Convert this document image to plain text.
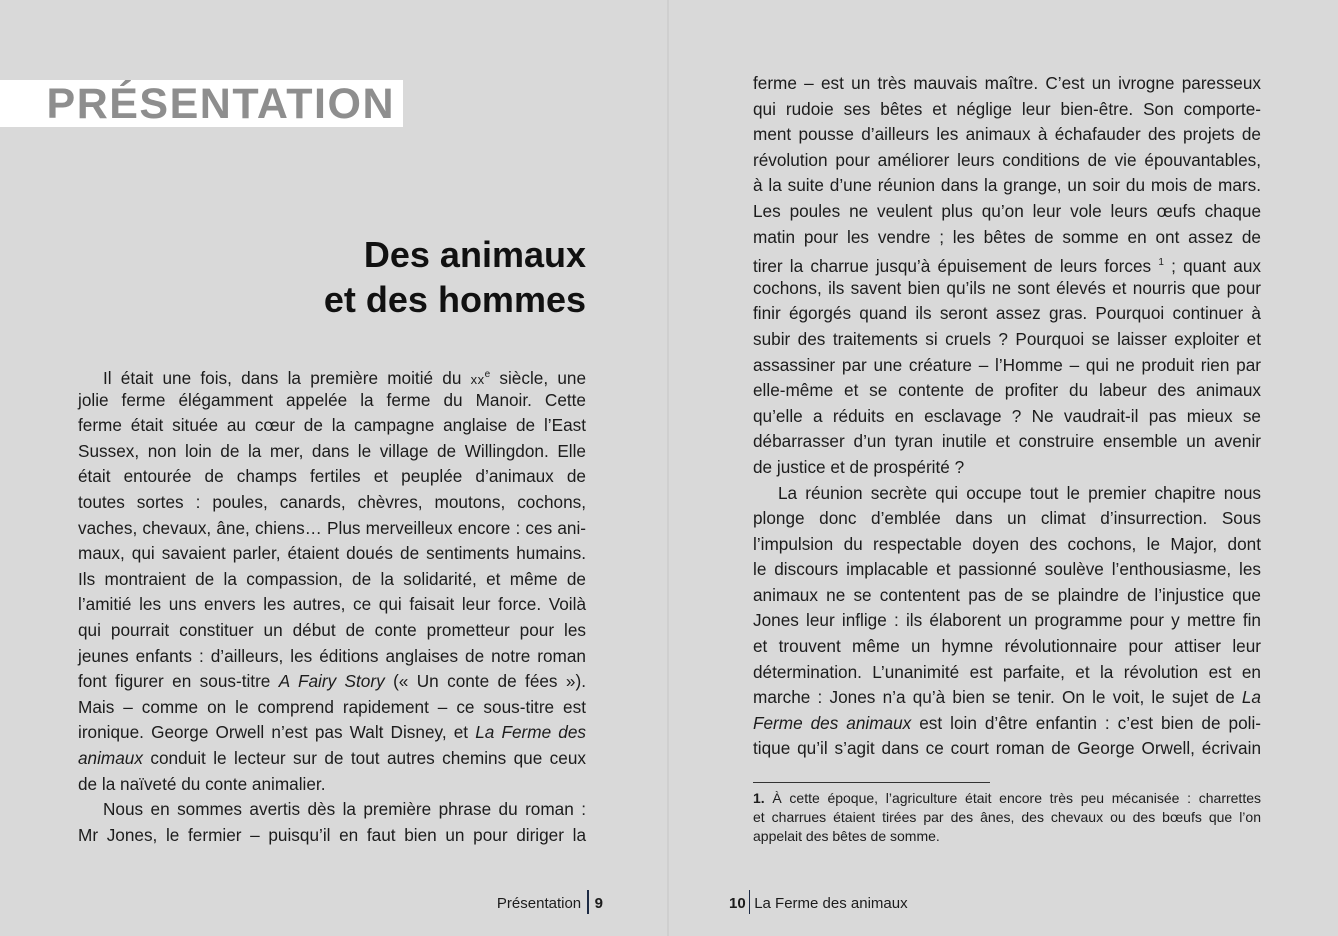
PRÉSENTATION
Des animaux
et des hommes
Il était une fois, dans la première moitié du $xx^e$ siècle, une
jolie ferme élégamment appelée la ferme du Manoir. Cette
ferme était située au cœur de la campagne anglaise de l’East
Sussex, non loin de la mer, dans le village de Willingdon. Elle
était entourée de champs fertiles et peuplée d’animaux de
toutes sortes : poules, canards, chèvres, moutons, cochons,
vaches, chevaux, âne, chiens… Plus merveilleux encore : ces ani-
maux, qui savaient parler, étaient doués de sentiments humains.
Ils montraient de la compassion, de la solidarité, et même de
l’amitié les uns envers les autres, ce qui faisait leur force. Voilà
qui pourrait constituer un début de conte prometteur pour les
jeunes enfants : d’ailleurs, les éditions anglaises de notre roman
font figurer en sous-titre A Fairy Story (« Un conte de fées »).
Mais – comme on le comprend rapidement – ce sous-titre est
ironique. George Orwell n’est pas Walt Disney, et La Ferme des
animaux conduit le lecteur sur de tout autres chemins que ceux
de la naïveté du conte animalier.
Nous en sommes avertis dès la première phrase du roman :
Mr Jones, le fermier – puisqu’il en faut bien un pour diriger la
ferme – est un très mauvais maître. C’est un ivrogne paresseux
qui rudoie ses bêtes et néglige leur bien-être. Son comporte-
ment pousse d’ailleurs les animaux à échafauder des projets de
révolution pour améliorer leurs conditions de vie épouvantables,
à la suite d’une réunion dans la grange, un soir du mois de mars.
Les poules ne veulent plus qu’on leur vole leurs œufs chaque
matin pour les vendre ; les bêtes de somme en ont assez de
tirer la charrue jusqu’à épuisement de leurs forces $^1$ ; quant aux
cochons, ils savent bien qu’ils ne sont élevés et nourris que pour
finir égorgés quand ils seront assez gras. Pourquoi continuer à
subir des traitements si cruels ? Pourquoi se laisser exploiter et
assassiner par une créature – l’Homme – qui ne produit rien par
elle-même et se contente de profiter du labeur des animaux
qu’elle a réduits en esclavage ? Ne vaudrait-il pas mieux se
débarrasser d’un tyran inutile et construire ensemble un avenir
de justice et de prospérité ?
La réunion secrète qui occupe tout le premier chapitre nous
plonge donc d’emblée dans un climat d’insurrection. Sous
l’impulsion du respectable doyen des cochons, le Major, dont
le discours implacable et passionné soulève l’enthousiasme, les
animaux ne se contentent pas de se plaindre de l’injustice que
Jones leur inflige : ils élaborent un programme pour y mettre fin
et trouvent même un hymne révolutionnaire pour attiser leur
détermination. L’unanimité est parfaite, et la révolution est en
marche : Jones n’a qu’à bien se tenir. On le voit, le sujet de La
Ferme des animaux est loin d’être enfantin : c’est bien de poli-
tique qu’il s’agit dans ce court roman de George Orwell, écrivain
1. À cette époque, l’agriculture était encore très peu mécanisée : charrettes
et charrues étaient tirées par des ânes, des chevaux ou des bœufs que l’on
appelait des bêtes de somme.
Présentation 9	10 La Ferme des animaux
